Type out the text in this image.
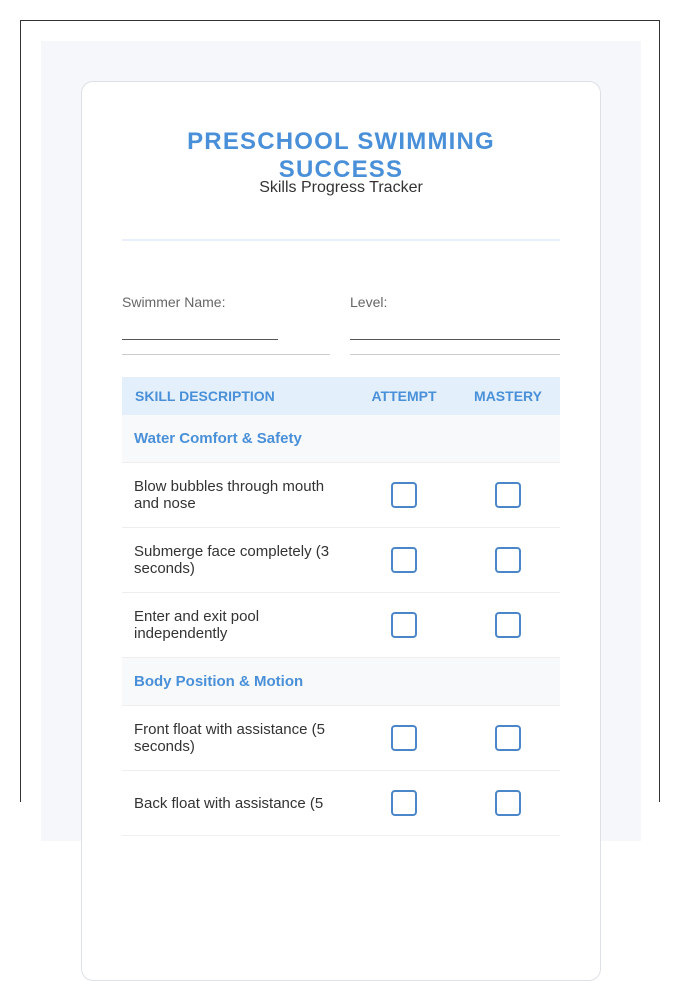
PRESCHOOL SWIMMING SUCCESS
Skills Progress Tracker
Swimmer Name:	Level:
SKILL DESCRIPTION	ATTEMPT	MASTERY
Water Comfort & Safety		
Blow bubbles through mouth and nose		
Submerge face completely (3 seconds)		
Enter and exit pool independently		
Body Position & Motion		
Front float with assistance (5 seconds)		
Back float with assistance (5		
